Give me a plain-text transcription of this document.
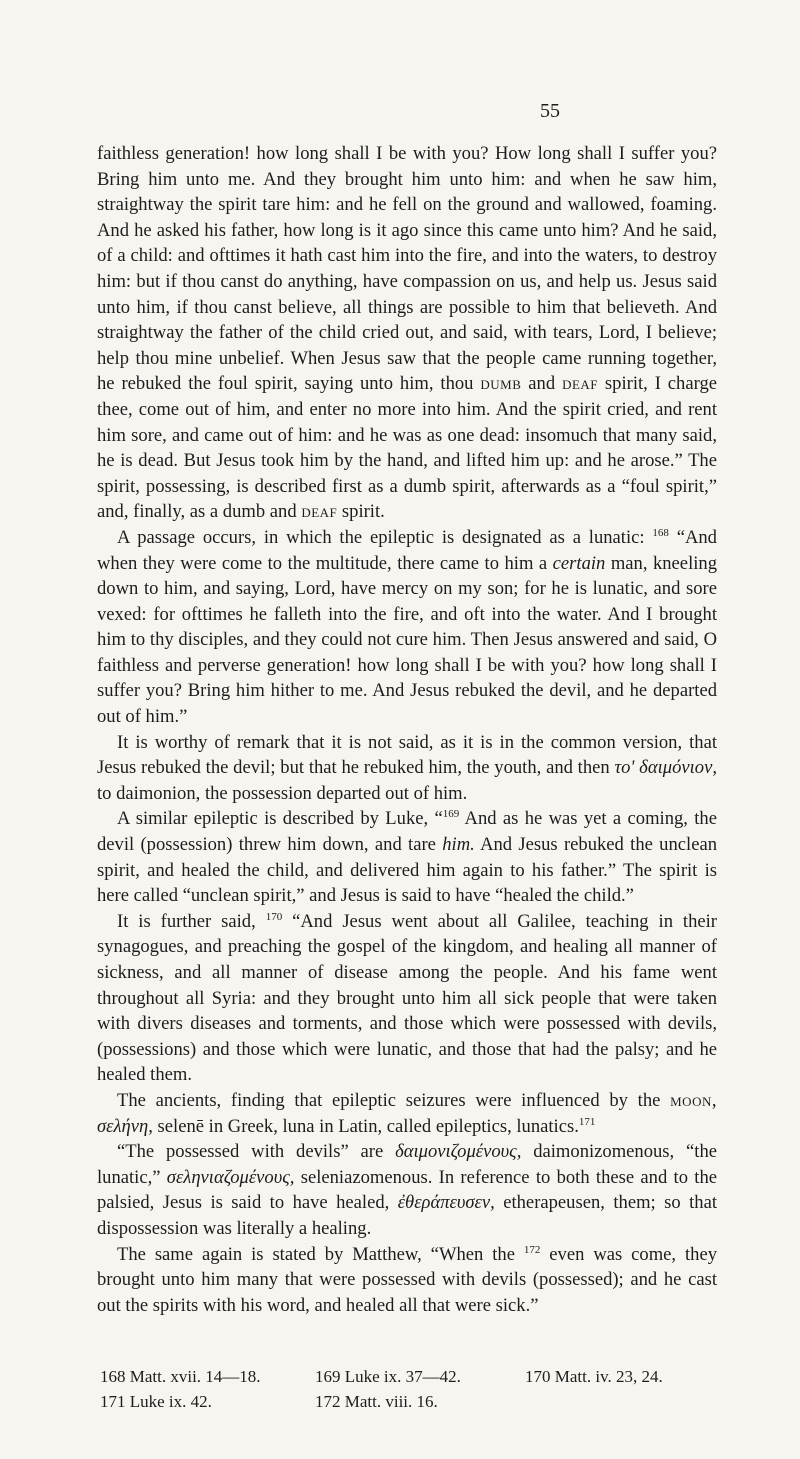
55

faithless generation! how long shall I be with you? How long shall I suffer you? Bring him unto me. And they brought him unto him: and when he saw him, straightway the spirit tare him: and he fell on the ground and wallowed, foaming. And he asked his father, how long is it ago since this came unto him? And he said, of a child: and ofttimes it hath cast him into the fire, and into the waters, to destroy him: but if thou canst do anything, have compassion on us, and help us. Jesus said unto him, if thou canst believe, all things are possible to him that believeth. And straightway the father of the child cried out, and said, with tears, Lord, I believe; help thou mine unbelief. When Jesus saw that the people came running together, he rebuked the foul spirit, saying unto him, thou dumb and deaf spirit, I charge thee, come out of him, and enter no more into him. And the spirit cried, and rent him sore, and came out of him: and he was as one dead: insomuch that many said, he is dead. But Jesus took him by the hand, and lifted him up: and he arose.” The spirit, possessing, is described first as a dumb spirit, afterwards as a “foul spirit,” and, finally, as a dumb and deaf spirit.

A passage occurs, in which the epileptic is designated as a lunatic: $^{168}$ “And when they were come to the multitude, there came to him a certain man, kneeling down to him, and saying, Lord, have mercy on my son; for he is lunatic, and sore vexed: for ofttimes he falleth into the fire, and oft into the water. And I brought him to thy disciples, and they could not cure him. Then Jesus answered and said, O faithless and perverse generation! how long shall I be with you? how long shall I suffer you? Bring him hither to me. And Jesus rebuked the devil, and he departed out of him.”

It is worthy of remark that it is not said, as it is in the common version, that Jesus rebuked the devil; but that he rebuked him, the youth, and then το' δαιμόνιον, to daimonion, the possession departed out of him.

A similar epileptic is described by Luke, “$^{169}$ And as he was yet a coming, the devil (possession) threw him down, and tare him. And Jesus rebuked the unclean spirit, and healed the child, and delivered him again to his father.” The spirit is here called “unclean spirit,” and Jesus is said to have “healed the child.”

It is further said, $^{170}$ “And Jesus went about all Galilee, teaching in their synagogues, and preaching the gospel of the kingdom, and healing all manner of sickness, and all manner of disease among the people. And his fame went throughout all Syria: and they brought unto him all sick people that were taken with divers diseases and torments, and those which were possessed with devils, (possessions) and those which were lunatic, and those that had the palsy; and he healed them.

The ancients, finding that epileptic seizures were influenced by the moon, σελήνη, selenē in Greek, luna in Latin, called epileptics, lunatics.$^{171}$

“The possessed with devils” are δαιμονιζομένους, daimonizomenous, “the lunatic,” σεληνιαζομένους, seleniazomenous. In reference to both these and to the palsied, Jesus is said to have healed, ἐθεράπευσεν, etherapeusen, them; so that dispossession was literally a healing.

The same again is stated by Matthew, “When the $^{172}$ even was come, they brought unto him many that were possessed with devils (possessed); and he cast out the spirits with his word, and healed all that were sick.”

168 Matt. xvii. 14—18.	169 Luke ix. 37—42.	170 Matt. iv. 23, 24.
171 Luke ix. 42.	172 Matt. viii. 16.
